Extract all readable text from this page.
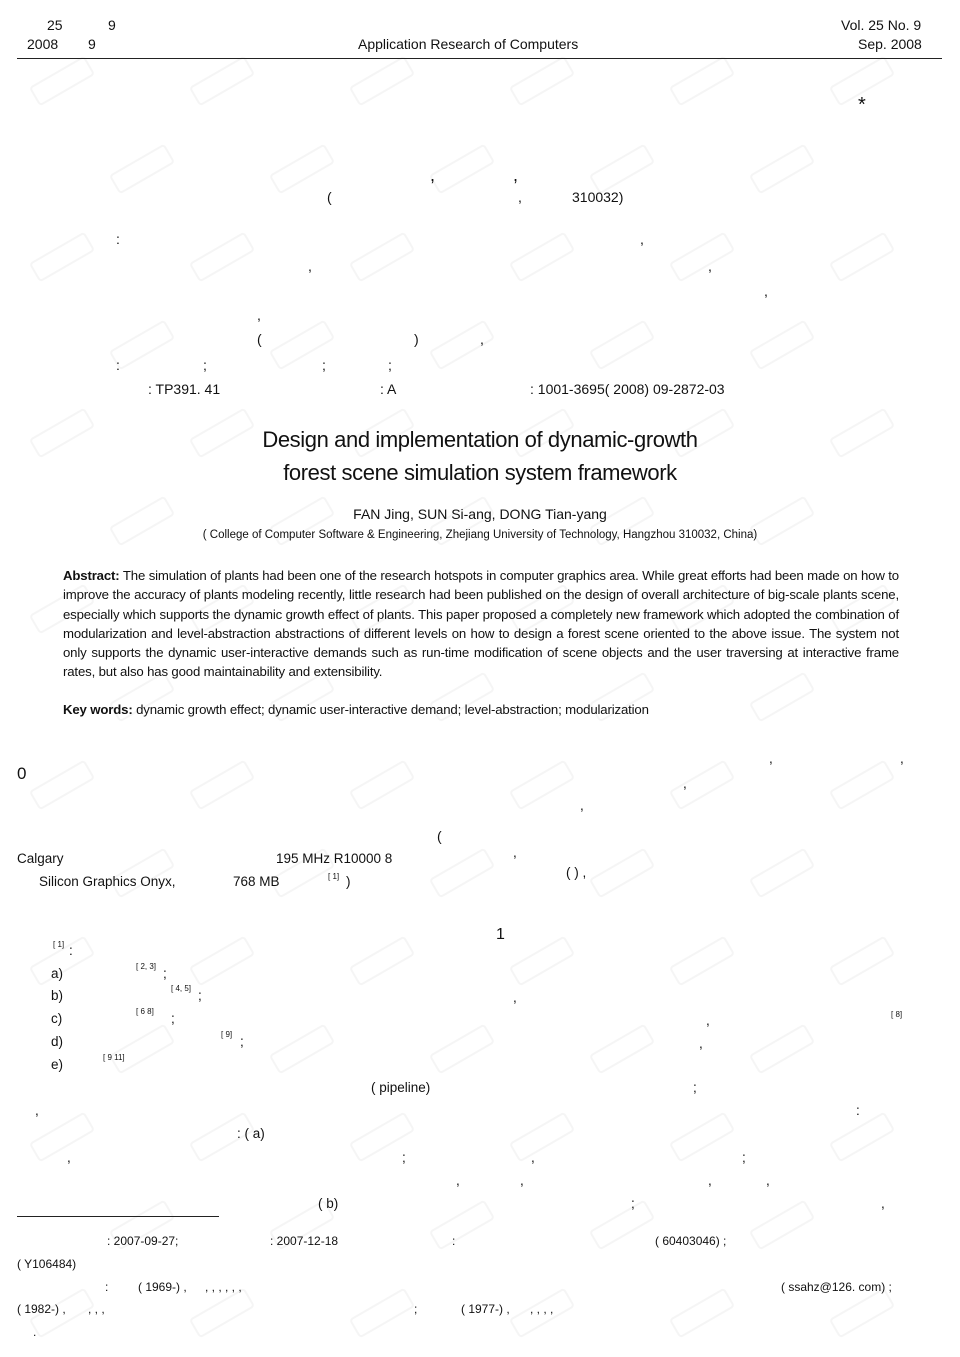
25	9
2008 9	Application Research of Computers
Vol. 25 No. 9
Sep. 2008
*
,	,
(	,	310032)
:	,
,	,
,
,
(	)	,
:	;	;	;
: TP391. 41	: A	: 1001-3695( 2008) 09-2872-03
Design and implementation of dynamic-growth
forest scene simulation system framework
FAN Jing, SUN Si-ang, DONG Tian-yang
( College of Computer Software & Engineering, Zhejiang University of Technology, Hangzhou 310032, China)
Abstract: The simulation of plants had been one of the research hotspots in computer graphics area. While great efforts had been made on how to improve the accuracy of plants modeling recently, little research had been published on the design of overall architecture of big-scale plants scene, especially which supports the dynamic growth effect of plants. This paper proposed a completely new framework which adopted the combination of modularization and level-abstraction abstractions of different levels on how to design a forest scene oriented to the above issue. The system not only supports the dynamic user-interactive demands such as run-time modification of scene objects and the user traversing at interactive frame rates, but also has good maintainability and extensibility.
Key words: dynamic growth effect; dynamic user-interactive demand; level-abstraction; modularization
0
(
Calgary	195 MHz R10000 8
Silicon Graphics Onyx,	768 MB	[ 1] )
[ 1] :
a)	[ 2, 3] ;
b)	[ 4, 5] ;
c)	[ 6 8] ;
d)	[ 9] ;
e)	[ 9 11]
( pipeline)
,
: ( a)
,	;
( b)
,	,
,
,
,
( ) ,
1
,
,	[ 8]
,
;
:
,	;
,	,	,	,
;	,
: 2007-09-27;	: 2007-12-18	:	( 60403046) ;
( Y106484)
: ( 1969-) , , , , , , ,	( ssahz@126. com) ;
( 1982-) , , , ,	;	( 1977-) , , , , ,
.
